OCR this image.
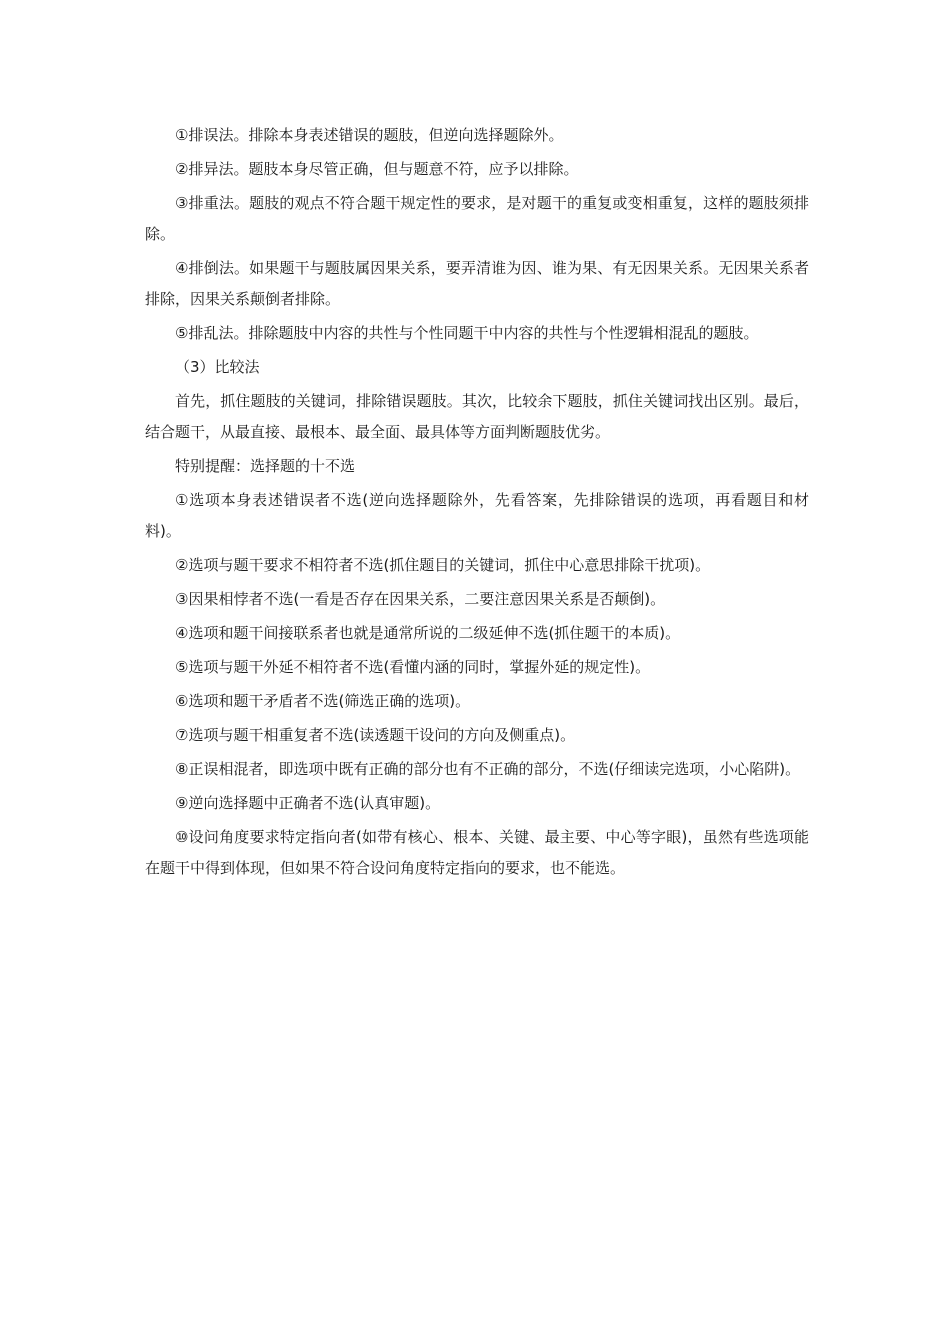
①排误法。排除本身表述错误的题肢，但逆向选择题除外。

②排异法。题肢本身尽管正确，但与题意不符，应予以排除。

③排重法。题肢的观点不符合题干规定性的要求，是对题干的重复或变相重复，这样的题肢须排除。

④排倒法。如果题干与题肢属因果关系，要弄清谁为因、谁为果、有无因果关系。无因果关系者排除，因果关系颠倒者排除。

⑤排乱法。排除题肢中内容的共性与个性同题干中内容的共性与个性逻辑相混乱的题肢。

（3）比较法

首先，抓住题肢的关键词，排除错误题肢。其次，比较余下题肢，抓住关键词找出区别。最后，结合题干，从最直接、最根本、最全面、最具体等方面判断题肢优劣。

特别提醒：选择题的十不选

①选项本身表述错误者不选(逆向选择题除外，先看答案，先排除错误的选项，再看题目和材料)。

②选项与题干要求不相符者不选(抓住题目的关键词，抓住中心意思排除干扰项)。

③因果相悖者不选(一看是否存在因果关系，二要注意因果关系是否颠倒)。

④选项和题干间接联系者也就是通常所说的二级延伸不选(抓住题干的本质)。

⑤选项与题干外延不相符者不选(看懂内涵的同时，掌握外延的规定性)。

⑥选项和题干矛盾者不选(筛选正确的选项)。

⑦选项与题干相重复者不选(读透题干设问的方向及侧重点)。

⑧正误相混者，即选项中既有正确的部分也有不正确的部分，不选(仔细读完选项，小心陷阱)。

⑨逆向选择题中正确者不选(认真审题)。

⑩设问角度要求特定指向者(如带有核心、根本、关键、最主要、中心等字眼)，虽然有些选项能在题干中得到体现，但如果不符合设问角度特定指向的要求，也不能选。
